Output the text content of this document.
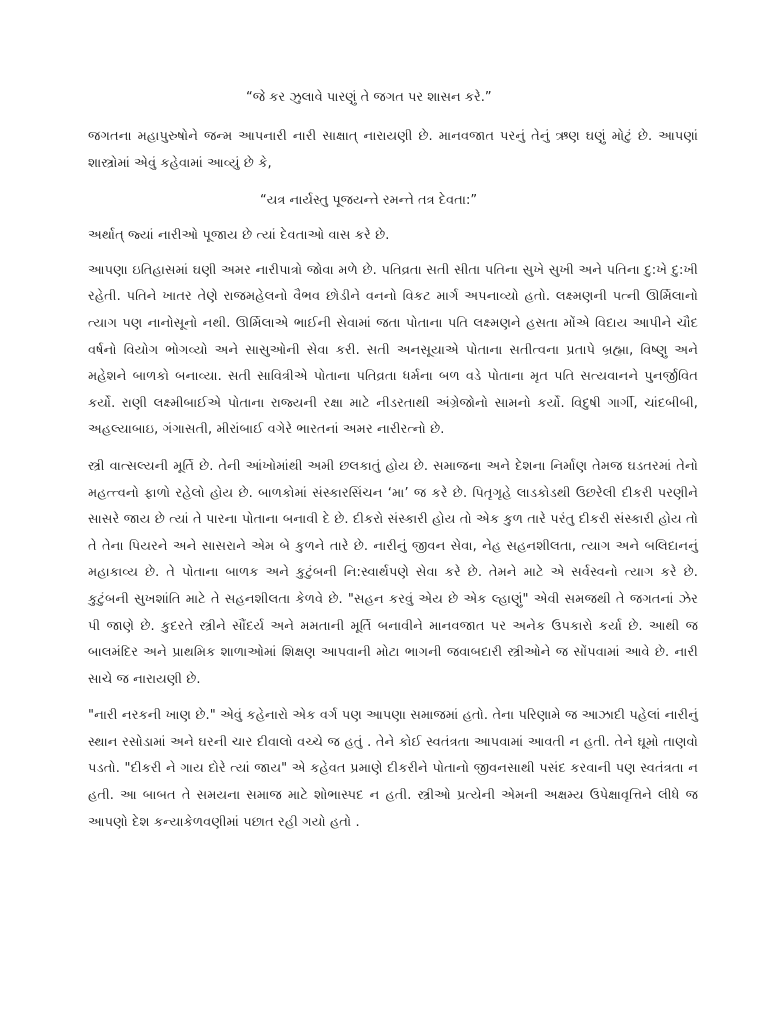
“જે કર ઝુલાવે પારણું તે જગત પર શાસન કરે.”

જગતના મહાપુરુષોને જન્મ આપનારી નારી સાક્ષાત્ નારાયણી છે. માનવજાત પરનું તેનું ઋણ ઘણું મોટું છે. આપણાં શાસ્ત્રોમાં એવું કહેવામાં આવ્યું છે કે,

“યત્ર નાર્યસ્તુ પૂજયન્તે રમન્તે તત્ર દેવતા:”

અર્થાત્ જ્યાં નારીઓ પૂજાય છે ત્યાં દેવતાઓ વાસ કરે છે.

આપણા ઇતિહાસમાં ઘણી અમર નારીપાત્રો જોવા મળે છે. પતિવ્રતા સતી સીતા પતિના સુખે સુખી અને પતિના દુ:ખે દુ:ખી રહેતી. પતિને ખાતર તેણે રાજમહેલનો વૈભવ છોડીને વનનો વિકટ માર્ગ અપનાવ્યો હતો. લક્ષ્મણની પત્ની ઊર્મિલાનો ત્યાગ પણ નાનોસૂનો નથી. ઊર્મિલાએ ભાઈની સેવામાં જતા પોતાના પતિ લક્ષ્મણને હસતા મોંએ વિદાય આપીને ચૌદ વર્ષનો વિયોગ ભોગવ્યો અને સાસુઓની સેવા કરી. સતી અનસૂયાએ પોતાના સતીત્વના પ્રતાપે બ્રહ્મા, વિષ્ણુ અને મહેશને બાળકો બનાવ્યા. સતી સાવિત્રીએ પોતાના પતિવ્રતા ધર્મના બળ વડે પોતાના મૃત પતિ સત્યવાનને પુનર્જીવિત કર્યો. રાણી લક્ષ્મીબાઈએ પોતાના રાજ્યની રક્ષા માટે નીડરતાથી અંગ્રેજોનો સામનો કર્યો. વિદુષી ગાર્ગી, ચાંદબીબી, અહલ્યાબાઇ, ગંગાસતી, મીરાંબાઈ વગેરે ભારતનાં અમર નારીરત્નો છે.

સ્ત્રી વાત્સલ્યની મૂર્તિ છે. તેની આંખોમાંથી અમી છલકાતું હોય છે. સમાજના અને દેશના નિર્માણ તેમજ ઘડતરમાં તેનો મહત્ત્વનો ફાળો રહેલો હોય છે. બાળકોમાં સંસ્કારસિંચન ‘મા’ જ કરે છે. પિતૃગૃહે લાડકોડથી ઉછરેલી દીકરી પરણીને સાસરે જાય છે ત્યાં તે પારના પોતાના બનાવી દે છે. દીકરો સંસ્કારી હોય તો એક કુળ તારે પરંતુ દીકરી સંસ્કારી હોય તો તે તેના પિયરને અને સાસરાને એમ બે કુળને તારે છે. નારીનું જીવન સેવા, નેહ સહનશીલતા, ત્યાગ અને બલિદાનનું મહાકાવ્ય છે. તે પોતાના બાળક અને કુટુંબની નિ:સ્વાર્થપણે સેવા કરે છે. તેમને માટે એ સર્વસ્વનો ત્યાગ કરે છે. કુટુંબની સુખશાંતિ માટે તે સહનશીલતા કેળવે છે. "સહન કરવું એય છે એક લ્હાણું" એવી સમજથી તે જગતનાં ઝેર પી જાણે છે. કુદરતે સ્ત્રીને સૌંદર્ય અને મમતાની મૂર્તિ બનાવીને માનવજાત પર અનેક ઉપકારો કર્યા છે. આથી જ બાલમંદિર અને પ્રાથમિક શાળાઓમાં શિક્ષણ આપવાની મોટા ભાગની જવાબદારી સ્ત્રીઓને જ સોંપવામાં આવે છે. નારી સાચે જ નારાયણી છે.

"નારી નરકની ખાણ છે." એવું કહેનારો એક વર્ગ પણ આપણા સમાજમાં હતો. તેના પરિણામે જ આઝાદી પહેલાં નારીનું સ્થાન રસોડામાં અને ઘરની ચાર દીવાલો વચ્ચે જ હતું . તેને કોઈ સ્વતંત્રતા આપવામાં આવતી ન હતી. તેને ઘૂમો તાણવો પડતો. "દીકરી ને ગાય દોરે ત્યાં જાય" એ કહેવત પ્રમાણે દીકરીને પોતાનો જીવનસાથી પસંદ કરવાની પણ સ્વતંત્રતા ન હતી. આ બાબત તે સમયના સમાજ માટે શોભાસ્પદ ન હતી. સ્ત્રીઓ પ્રત્યેની એમની અક્ષમ્ય ઉપેક્ષાવૃત્તિને લીધે જ આપણો દેશ કન્યાકેળવણીમાં પછાત રહી ગયો હતો .
